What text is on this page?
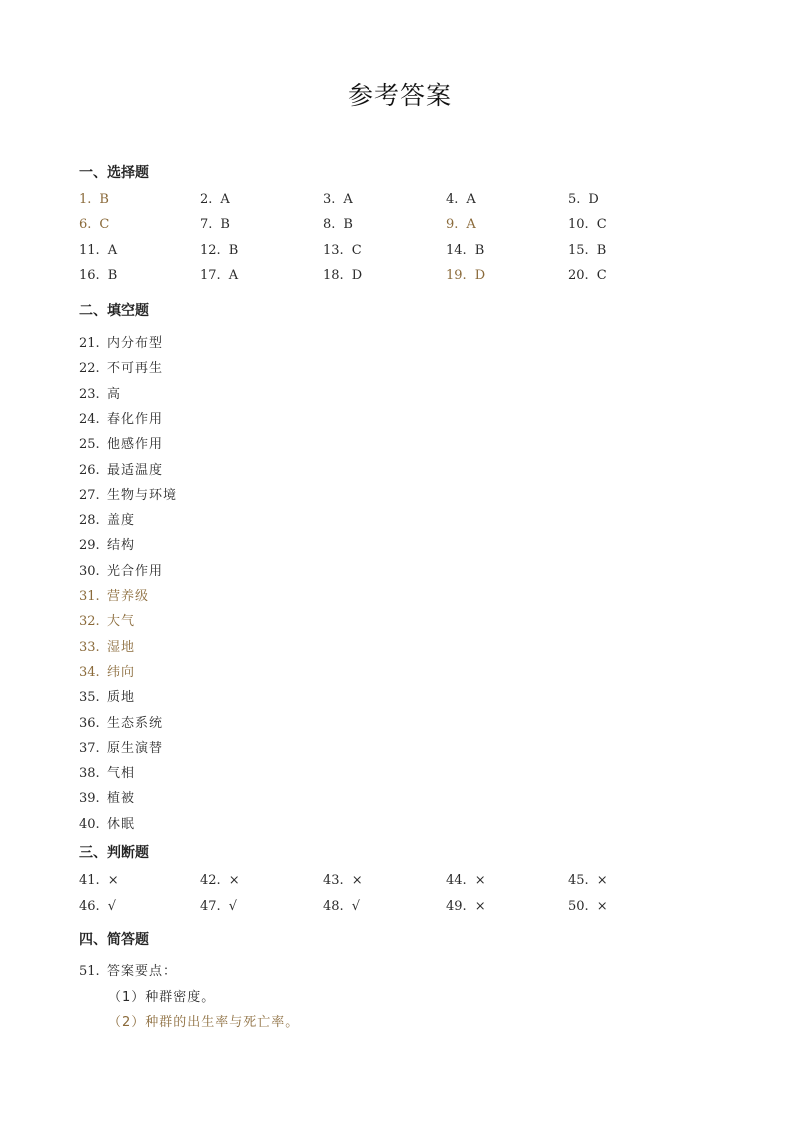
参考答案
一、选择题
1. B	2. A	3. A	4. A	5. D
6. C	7. B	8. B	9. A	10. C
11. A	12. B	13. C	14. B	15. B
16. B	17. A	18. D	19. D	20. C
二、填空题
21. 内分布型
22. 不可再生
23. 高
24. 春化作用
25. 他感作用
26. 最适温度
27. 生物与环境
28. 盖度
29. 结构
30. 光合作用
31. 营养级
32. 大气
33. 湿地
34. 纬向
35. 质地
36. 生态系统
37. 原生演替
38. 气相
39. 植被
40. 休眠
三、判断题
41. ×	42. ×	43. ×	44. ×	45. ×
46. √	47. √	48. √	49. ×	50. ×
四、简答题
51. 答案要点：
（1）种群密度。
（2）种群的出生率与死亡率。
